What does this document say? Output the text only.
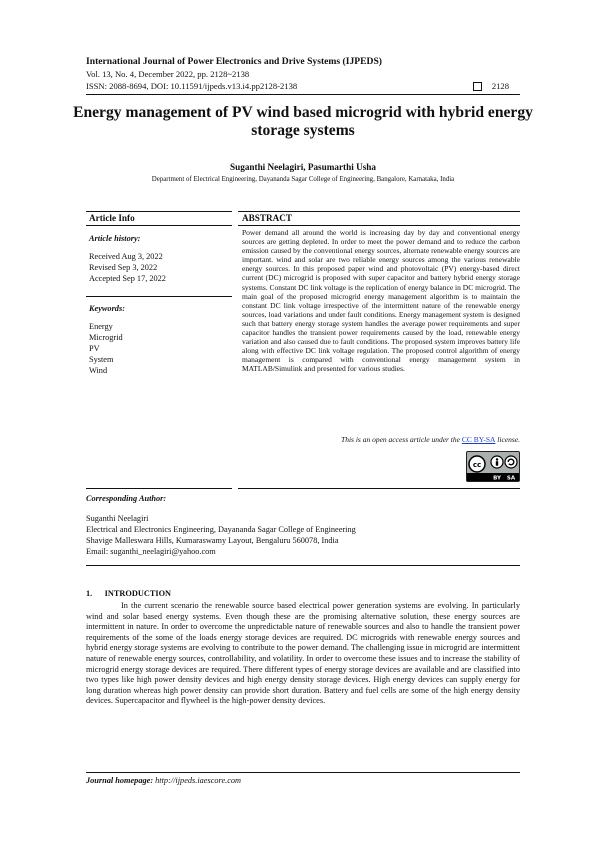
International Journal of Power Electronics and Drive Systems (IJPEDS)
Vol. 13, No. 4, December 2022, pp. 2128~2138
ISSN: 2088-8694, DOI: 10.11591/ijpeds.v13.i4.pp2128-2138	2128
Energy management of PV wind based microgrid with hybrid energy storage systems
Suganthi Neelagiri, Pasumarthi Usha
Department of Electrical Engineering, Dayananda Sagar College of Engineering, Bangalore, Karnataka, India
Article Info
Article history:
Received Aug 3, 2022
Revised Sep 3, 2022
Accepted Sep 17, 2022
Keywords:
Energy
Microgrid
PV
System
Wind
ABSTRACT
Power demand all around the world is increasing day by day and conventional energy sources are getting depleted. In order to meet the power demand and to reduce the carbon emission caused by the conventional energy sources, alternate renewable energy sources are important. wind and solar are two reliable energy sources among the various renewable energy sources. In this proposed paper wind and photovoltaic (PV) energy-based direct current (DC) microgrid is proposed with super capacitor and battery hybrid energy storage systems. Constant DC link voltage is the replication of energy balance in DC microgrid. The main goal of the proposed microgrid energy management algorithm is to maintain the constant DC link voltage irrespective of the intermittent nature of the renewable energy sources, load variations and under fault conditions. Energy management system is designed such that battery energy storage system handles the average power requirements and super capacitor handles the transient power requirements caused by the load, renewable energy variation and also caused due to fault conditions. The proposed system improves battery life along with effective DC link voltage regulation. The proposed control algorithm of energy management is compared with conventional energy management system in MATLAB/Simulink and presented for various studies.
This is an open access article under the CC BY-SA license.
cc
BY SA
Corresponding Author:
Suganthi Neelagiri
Electrical and Electronics Engineering, Dayananda Sagar College of Engineering
Shavige Malleswara Hills, Kumaraswamy Layout, Bengaluru 560078, India
Email: suganthi_neelagiri@yahoo.com
1.      INTRODUCTION

In the current scenario the renewable source based electrical power generation systems are evolving. In particularly wind and solar based energy systems. Even though these are the promising alternative solution, these energy sources are intermittent in nature. In order to overcome the unpredictable nature of renewable sources and also to handle the transient power requirements of the some of the loads energy storage devices are required. DC microgrids with renewable energy sources and hybrid energy storage systems are evolving to contribute to the power demand. The challenging issue in microgrid are intermittent nature of renewable energy sources, controllability, and volatility. In order to overcome these issues and to increase the stability of microgrid energy storage devices are required. There different types of energy storage devices are available and are classified into two types like high power density devices and high energy density storage devices. High energy devices can supply energy for long duration whereas high power density can provide short duration. Battery and fuel cells are some of the high energy density devices. Supercapacitor and flywheel is the high-power density devices.

Journal homepage: http://ijpeds.iaescore.com
